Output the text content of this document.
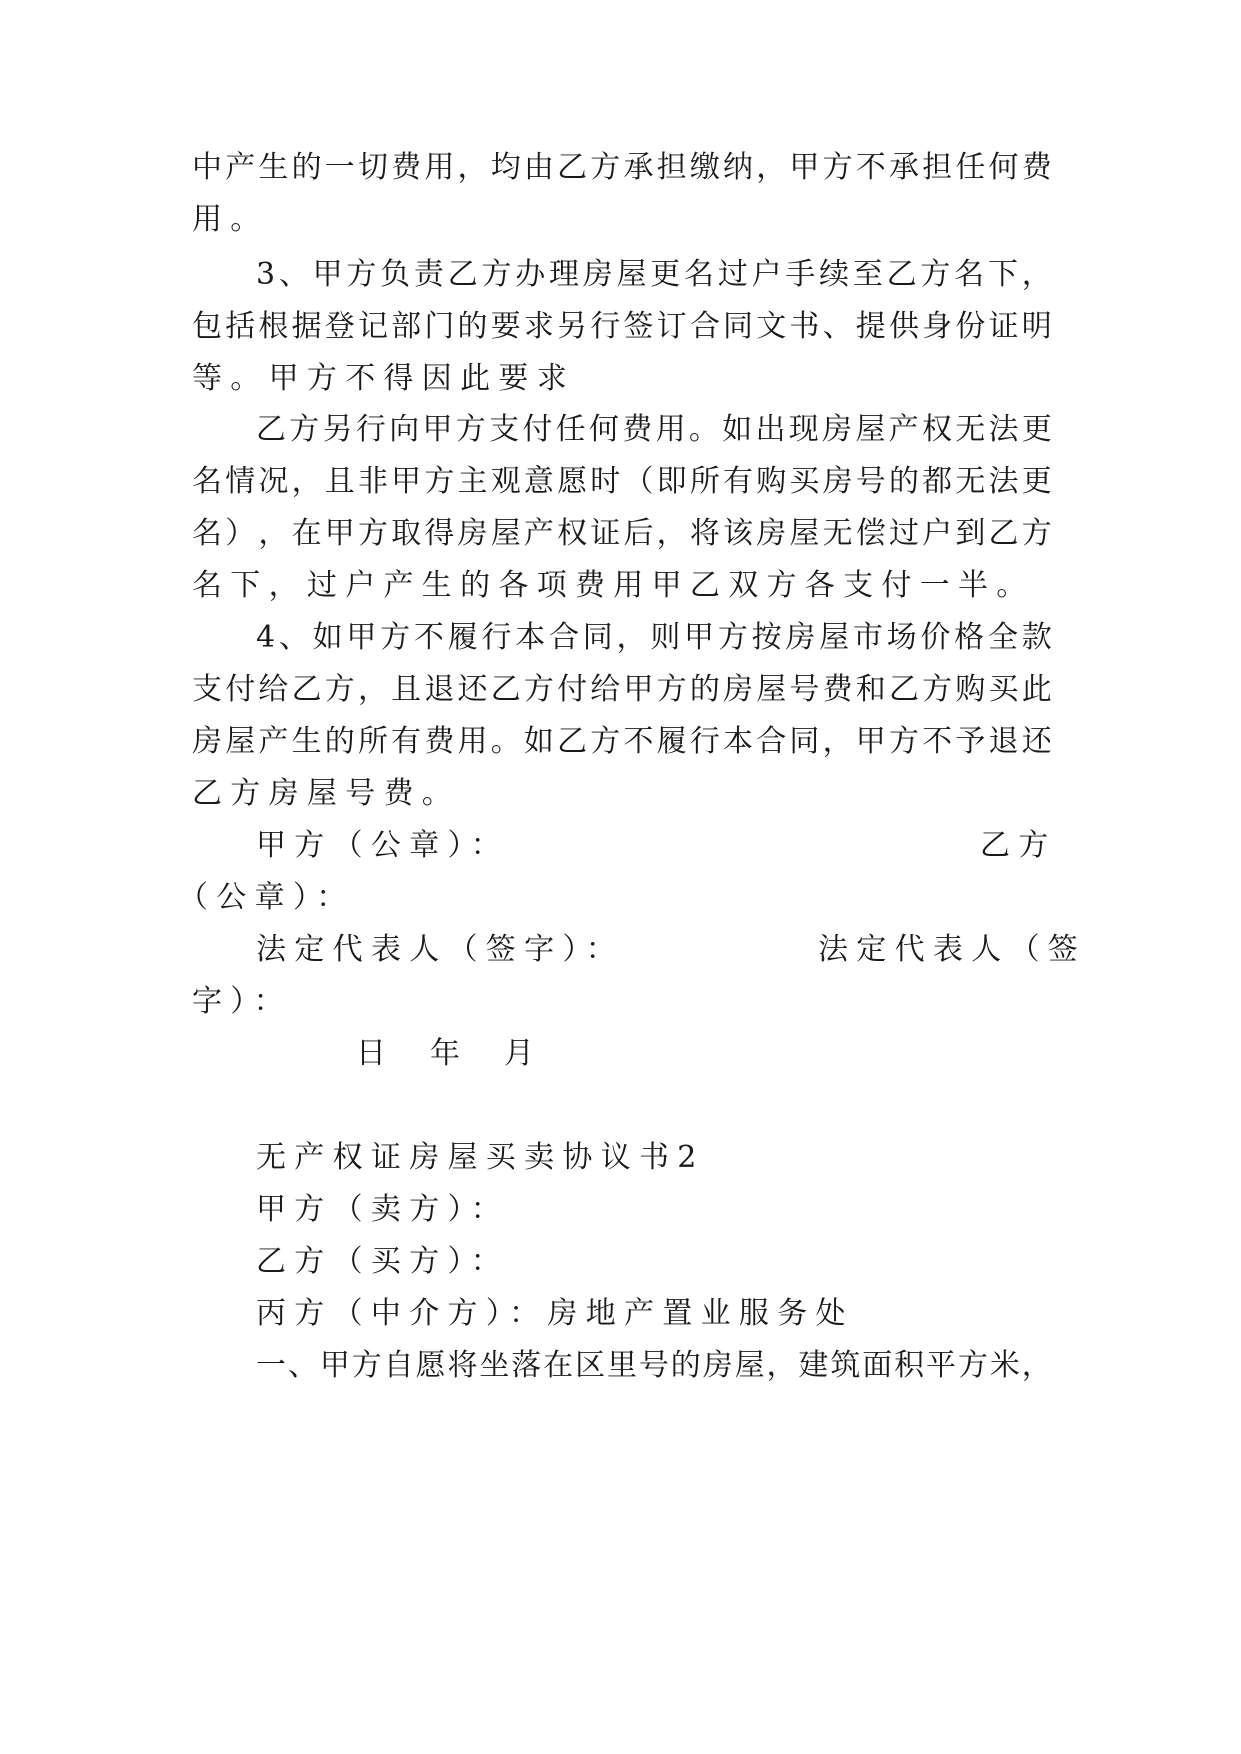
中 产 生 的 一 切 费 用 ， 均 由 乙 方 承 担 缴 纳 ， 甲 方 不 承 担 任 何 费
用。
3 、 甲 方 负 责 乙 方 办 理 房 屋 更 名 过 户 手 续 至 乙 方 名 下 ，
包 括 根 据 登 记 部 门 的 要 求 另 行 签 订 合 同 文 书 、 提 供 身 份 证 明
等。甲方不得因此要求
乙 方 另 行 向 甲 方 支 付 任 何 费 用 。 如 出 现 房 屋 产 权 无 法 更
名 情 况 ， 且 非 甲 方 主 观 意 愿 时 （ 即 所 有 购 买 房 号 的 都 无 法 更
名 ） ， 在 甲 方 取 得 房 屋 产 权 证 后 ， 将 该 房 屋 无 偿 过 户 到 乙 方
名下，过户产生的各项费用甲乙双方各支付一半。
4 、 如 甲 方 不 履 行 本 合 同 ， 则 甲 方 按 房 屋 市 场 价 格 全 款
支 付 给 乙 方 ， 且 退 还 乙 方 付 给 甲 方 的 房 屋 号 费 和 乙 方 购 买 此
房 屋 产 生 的 所 有 费 用 。 如 乙 方 不 履 行 本 合 同 ， 甲 方 不 予 退 还
乙方房屋号费。
甲方（公章）：	乙方
（公章）：
法定代表人（签字）：	法定代表人（签
字）：
日  年  月
无产权证房屋买卖协议书2
甲方（卖方）：
乙方（买方）：
丙方（中介方）：房地产置业服务处
一 、 甲 方 自 愿 将 坐 落 在 区 里 号 的 房 屋 ， 建 筑 面 积 平 方 米 ，
